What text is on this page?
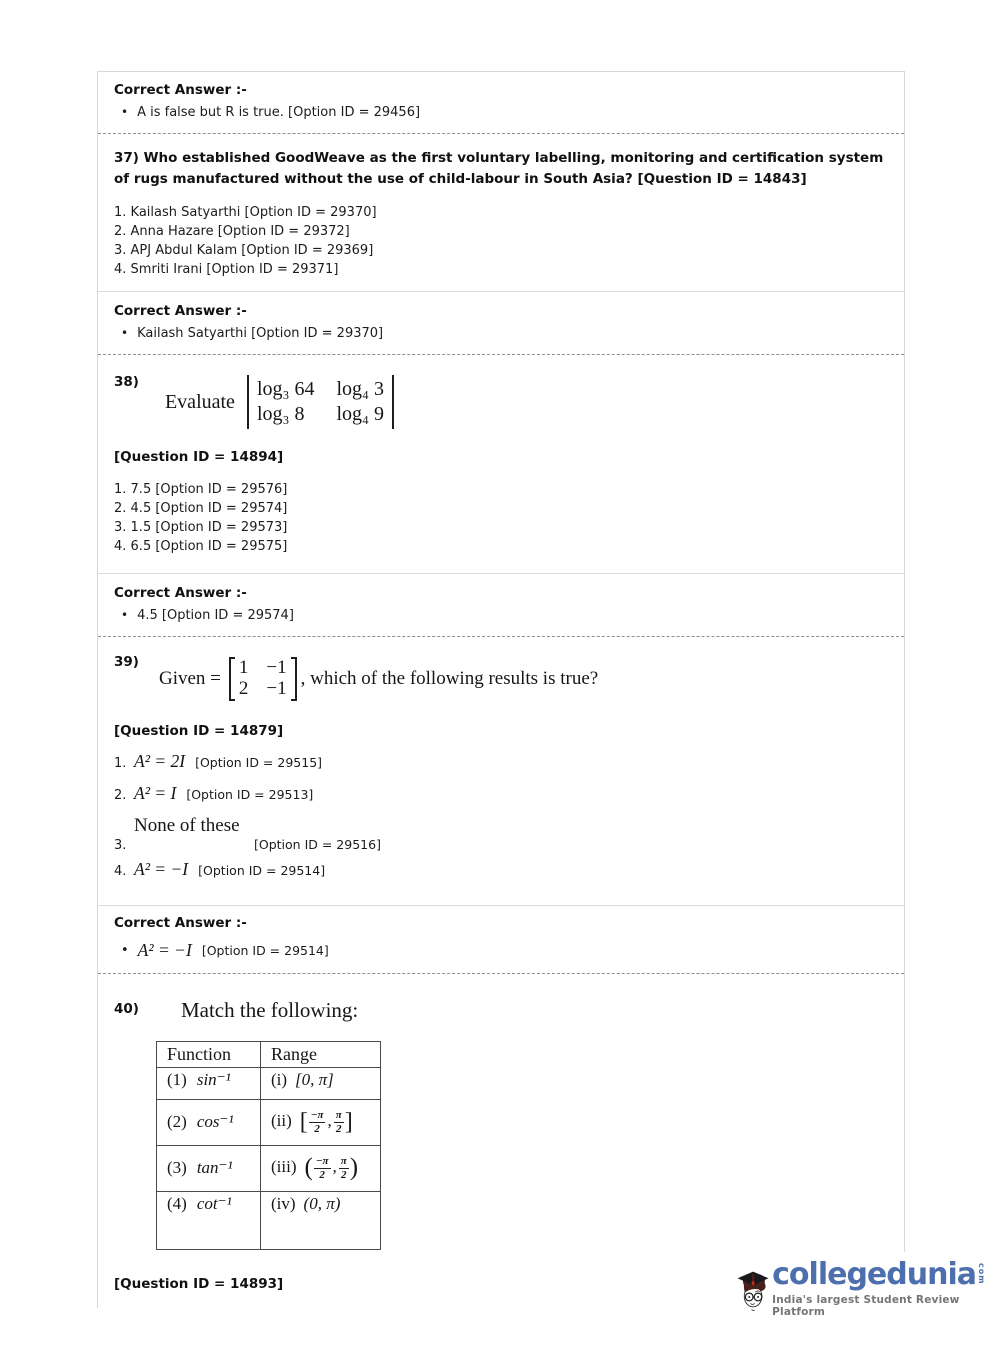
Correct Answer :-
• A is false but R is true. [Option ID = 29456]
37) Who established GoodWeave as the first voluntary labelling, monitoring and certification system of rugs manufactured without the use of child-labour in South Asia? [Question ID = 14843]
1. Kailash Satyarthi [Option ID = 29370]
2. Anna Hazare [Option ID = 29372]
3. APJ Abdul Kalam [Option ID = 29369]
4. Smriti Irani [Option ID = 29371]
Correct Answer :-
• Kailash Satyarthi [Option ID = 29370]
38)
Evaluate
log₃ 64 log₄ 3
log₃ 8	log₄ 9
[Question ID = 14894]
1. 7.5 [Option ID = 29576]
2. 4.5 [Option ID = 29574]
3. 1.5 [Option ID = 29573]
4. 6.5 [Option ID = 29575]
Correct Answer :-
• 4.5 [Option ID = 29574]
39)
Given =
1 −1
2 −1 , which of the following results is true?
[Question ID = 14879]
1. A² = 2I [Option ID = 29515]
2. A² = I [Option ID = 29513]
None of these
3.	[Option ID = 29516]
4. A² = −I [Option ID = 29514]
Correct Answer :-
• A² = −I [Option ID = 29514]
40) Match the following:
Function	Range
(1) sin⁻¹	(i) [0, π]
(2) cos⁻¹	(ii) [ $\frac{-\pi}{2}$ , $\frac{\pi}{2}$ ]
(3) tan⁻¹	(iii) ( $\frac{-\pi}{2}$ , $\frac{\pi}{2}$ )
(4) cot⁻¹	(iv) (0, π)
[Question ID = 14893]	collegedunia com
India's largest Student Review Platform
